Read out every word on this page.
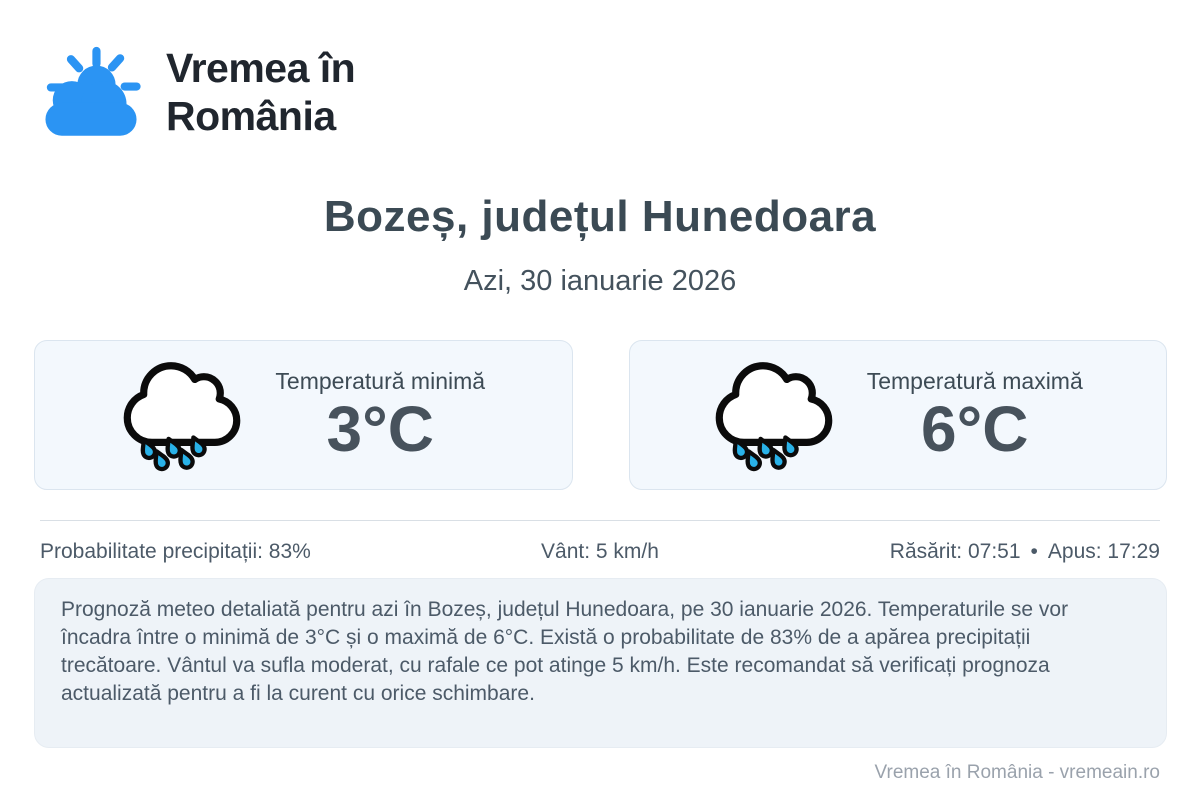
Vremea în
România
Bozeș, județul Hunedoara
Azi, 30 ianuarie 2026
Temperatură minimă
3°C
Temperatură maximă
6°C
Probabilitate precipitații: 83%	Vânt: 5 km/h	Răsărit: 07:51 • Apus: 17:29

Prognoză meteo detaliată pentru azi în Bozeș, județul Hunedoara, pe 30 ianuarie 2026. Temperaturile se vor încadra între o minimă de 3°C și o maximă de 6°C. Există o probabilitate de 83% de a apărea precipitații trecătoare. Vântul va sufla moderat, cu rafale ce pot atinge 5 km/h. Este recomandat să verificați prognoza actualizată pentru a fi la curent cu orice schimbare.

Vremea în România - vremeain.ro
